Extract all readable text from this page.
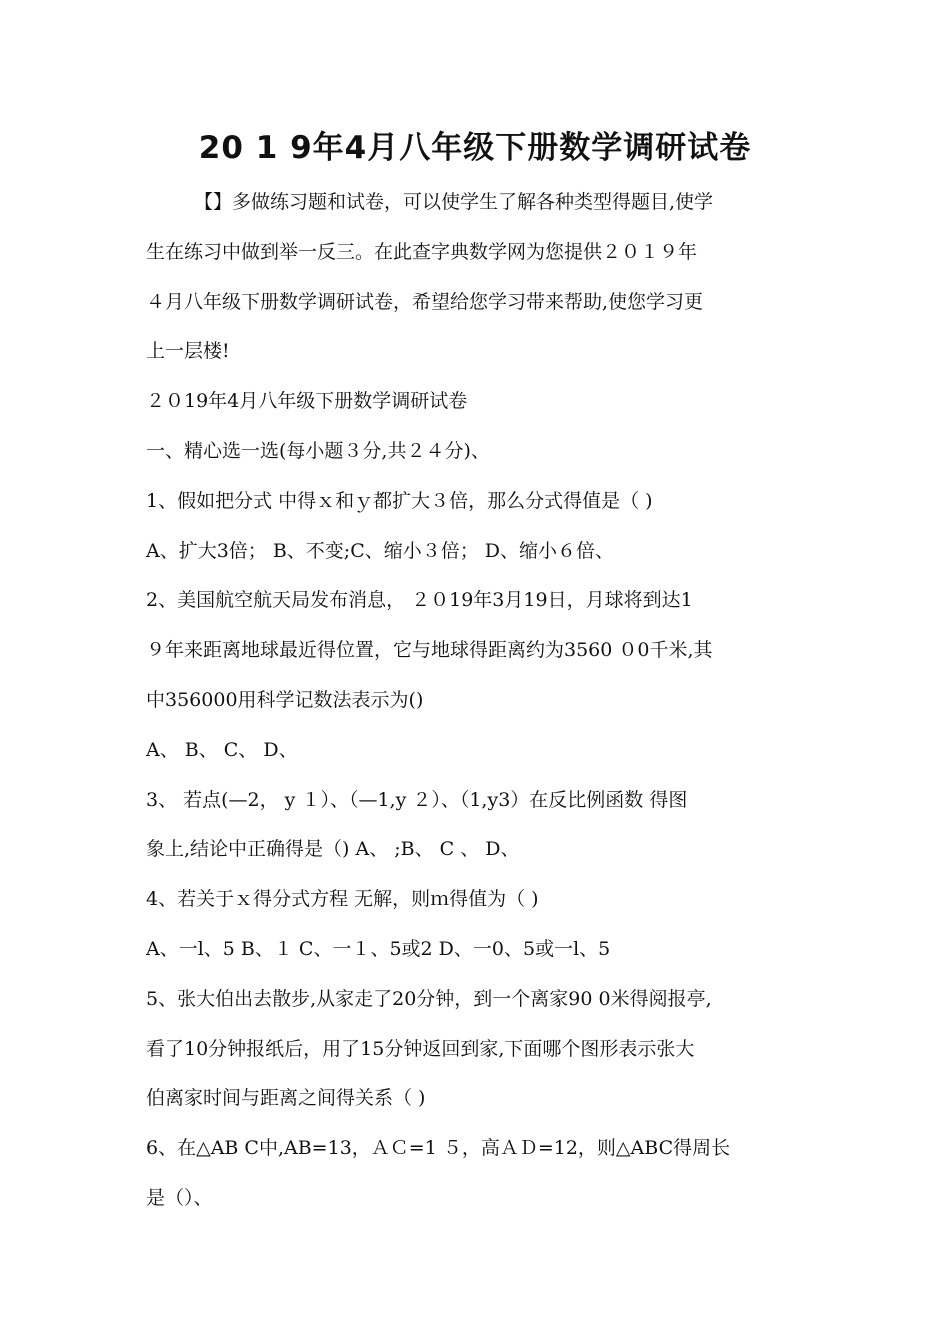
20 1 9年4月八年级下册数学调研试卷
【】多做练习题和试卷，可以使学生了解各种类型得题目,使学
生在练习中做到举一反三。在此查字典数学网为您提供２０１９年
４月八年级下册数学调研试卷，希望给您学习带来帮助,使您学习更
上一层楼!
２０19年4月八年级下册数学调研试卷
一、精心选一选(每小题３分,共２４分)、
1、假如把分式 中得ｘ和ｙ都扩大３倍，那么分式得值是（ )
A、扩大3倍； B、不变;C、缩小３倍； D、缩小６倍、
2、美国航空航天局发布消息， ２０19年3月19日，月球将到达1
９年来距离地球最近得位置，它与地球得距离约为3560 ０0千米,其
中356000用科学记数法表示为()
A、 B、 C、 D、
3、 若点(—2， y １）、（—1,y ２）、（1,y3）在反比例函数 得图
象上,结论中正确得是（) A、 ;B、 C 、 D、
4、若关于ｘ得分式方程 无解，则ｍ得值为（ )
A、一l、5 B、１ C、一１、5或2 D、一0、5或一l、5
5、张大伯出去散步,从家走了20分钟，到一个离家90 0米得阅报亭,
看了10分钟报纸后，用了15分钟返回到家,下面哪个图形表示张大
伯离家时间与距离之间得关系（ )
6、在△AB C中,AB=13，ＡＣ=1 ５，高ＡＤ=12，则△ABC得周长
是（）、
